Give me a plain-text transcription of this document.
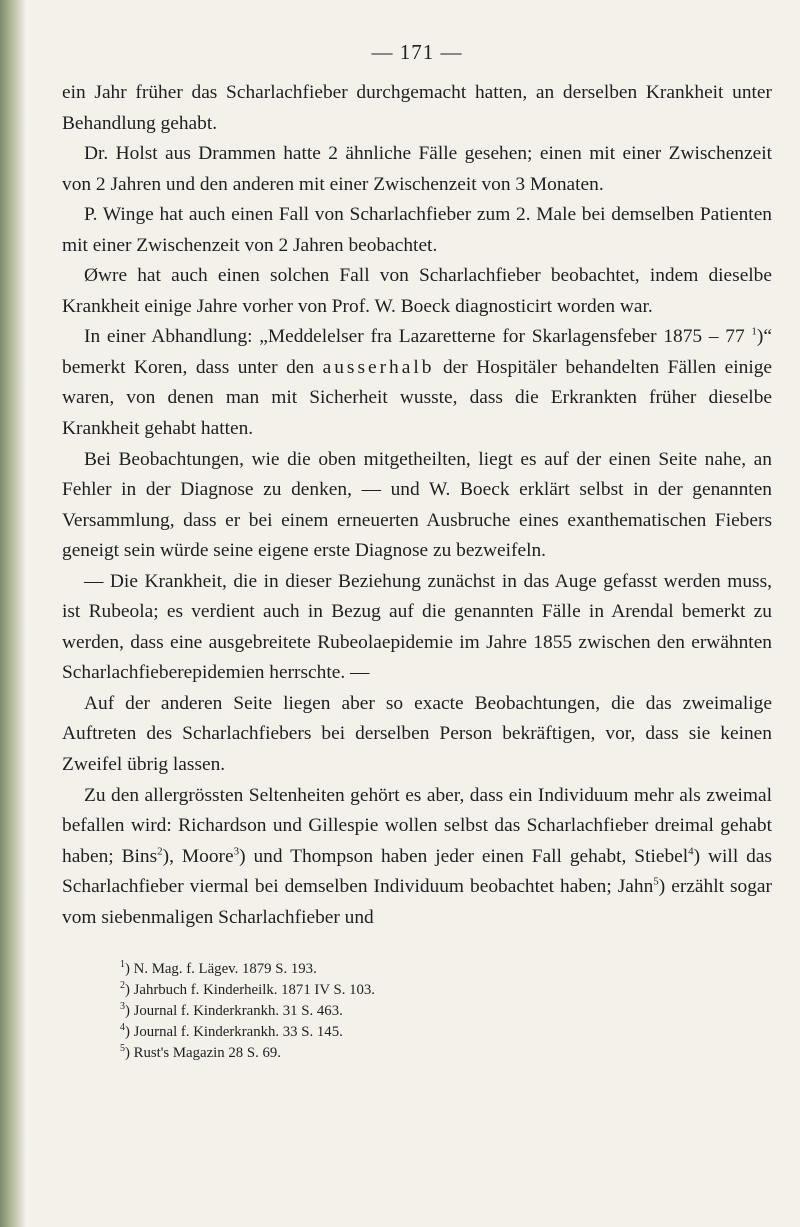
— 171 —

ein Jahr früher das Scharlachfieber durchgemacht hatten, an derselben Krankheit unter Behandlung gehabt.

Dr. Holst aus Drammen hatte 2 ähnliche Fälle gesehen; einen mit einer Zwischenzeit von 2 Jahren und den anderen mit einer Zwischenzeit von 3 Monaten.

P. Winge hat auch einen Fall von Scharlachfieber zum 2. Male bei demselben Patienten mit einer Zwischenzeit von 2 Jahren beobachtet.

Øwre hat auch einen solchen Fall von Scharlachfieber beobachtet, indem dieselbe Krankheit einige Jahre vorher von Prof. W. Boeck diagnosticirt worden war.

In einer Abhandlung: „Meddelelser fra Lazaretterne for Skarlagensfeber 1875 – 77 $^1$)“ bemerkt Koren, dass unter den ausserhalb der Hospitäler behandelten Fällen einige waren, von denen man mit Sicherheit wusste, dass die Erkrankten früher dieselbe Krankheit gehabt hatten.

Bei Beobachtungen, wie die oben mitgetheilten, liegt es auf der einen Seite nahe, an Fehler in der Diagnose zu denken, — und W. Boeck erklärt selbst in der genannten Versammlung, dass er bei einem erneuerten Ausbruche eines exanthematischen Fiebers geneigt sein würde seine eigene erste Diagnose zu bezweifeln.

— Die Krankheit, die in dieser Beziehung zunächst in das Auge gefasst werden muss, ist Rubeola; es verdient auch in Bezug auf die genannten Fälle in Arendal bemerkt zu werden, dass eine ausgebreitete Rubeolaepidemie im Jahre 1855 zwischen den erwähnten Scharlachfieberepidemien herrschte. —

Auf der anderen Seite liegen aber so exacte Beobachtungen, die das zweimalige Auftreten des Scharlachfiebers bei derselben Person bekräftigen, vor, dass sie keinen Zweifel übrig lassen.

Zu den allergrössten Seltenheiten gehört es aber, dass ein Individuum mehr als zweimal befallen wird: Richardson und Gillespie wollen selbst das Scharlachfieber dreimal gehabt haben; Bins$^2$), Moore$^3$) und Thompson haben jeder einen Fall gehabt, Stiebel$^4$) will das Scharlachfieber viermal bei demselben Individuum beobachtet haben; Jahn$^5$) erzählt sogar vom siebenmaligen Scharlachfieber und

$^1$) N. Mag. f. Lägev. 1879 S. 193.
$^2$) Jahrbuch f. Kinderheilk. 1871 IV S. 103.
$^3$) Journal f. Kinderkrankh. 31 S. 463.
$^4$) Journal f. Kinderkrankh. 33 S. 145.
$^5$) Rust's Magazin 28 S. 69.
